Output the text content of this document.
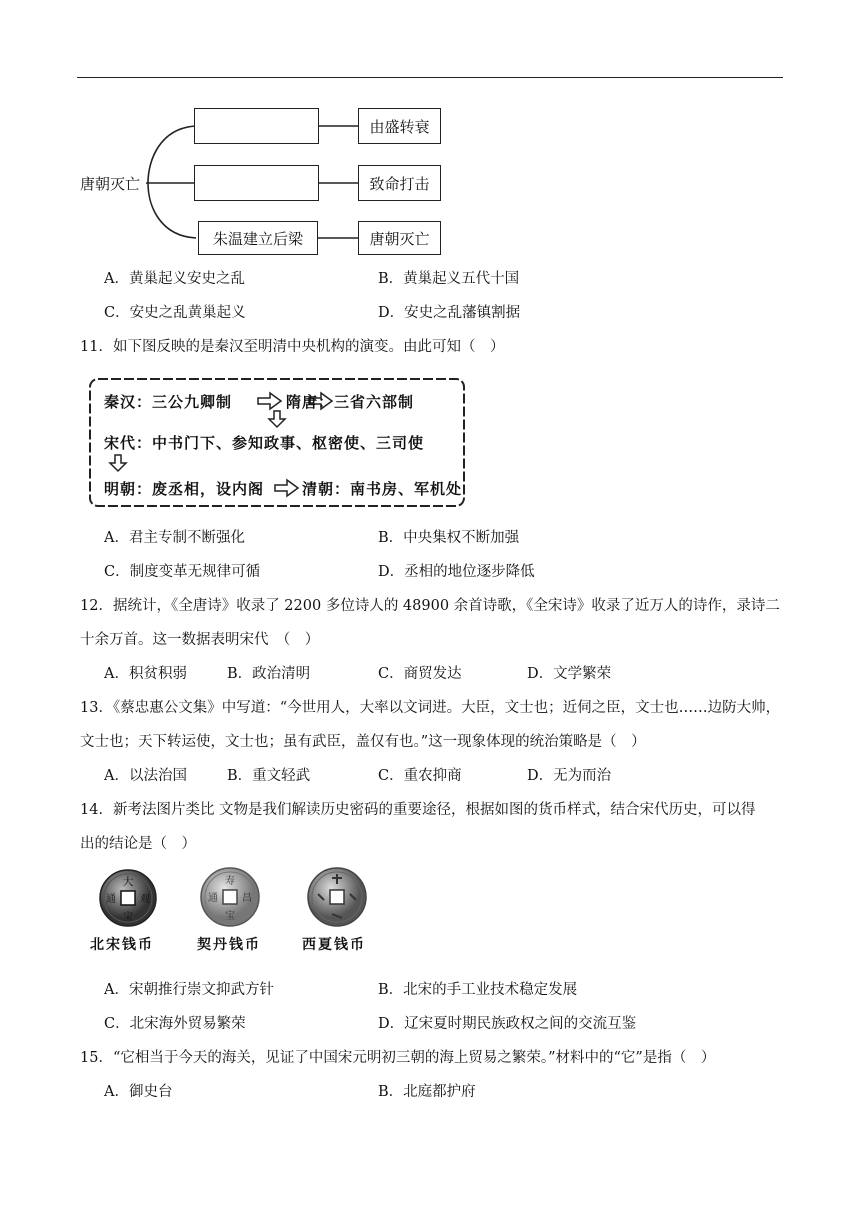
唐朝灭亡
朱温建立后梁
由盛转衰
致命打击
唐朝灭亡
A．黄巢起义安史之乱	B．黄巢起义五代十国
C．安史之乱黄巢起义	D．安史之乱藩镇割据
11．如下图反映的是秦汉至明清中央机构的演变。由此可知（　）
秦汉：三公九卿制	隋唐：三省六部制
宋代：中书门下、参知政事、枢密使、三司使
明朝：废丞相，设内阁	清朝：南书房、军机处
A．君主专制不断强化	B．中央集权不断加强
C．制度变革无规律可循	D．丞相的地位逐步降低
12．据统计，《全唐诗》收录了 2200 多位诗人的 48900 余首诗歌，《全宋诗》收录了近万人的诗作，录诗二
十余万首。这一数据表明宋代　（　）
A．积贫积弱	B．政治清明	C．商贸发达	D．文学繁荣
13．《蔡忠惠公文集》中写道：“今世用人，大率以文词进。大臣，文士也；近伺之臣，文士也……边防大帅，
文士也；天下转运使，文士也；虽有武臣，盖仅有也。”这一现象体现的统治策略是（　）
A．以法治国	B．重文轻武	C．重农抑商	D．无为而治
14．新考法图片类比 文物是我们解读历史密码的重要途径，根据如图的货币样式，结合宋代历史，可以得
出的结论是（　）
大
宝
通 观
寿
宝
通 昌
北宋钱币	契丹钱币	西夏钱币
A．宋朝推行崇文抑武方针	B．北宋的手工业技术稳定发展
C．北宋海外贸易繁荣	D．辽宋夏时期民族政权之间的交流互鉴
15．“它相当于今天的海关，见证了中国宋元明初三朝的海上贸易之繁荣。”材料中的“它”是指（　）
A．御史台	B．北庭都护府
